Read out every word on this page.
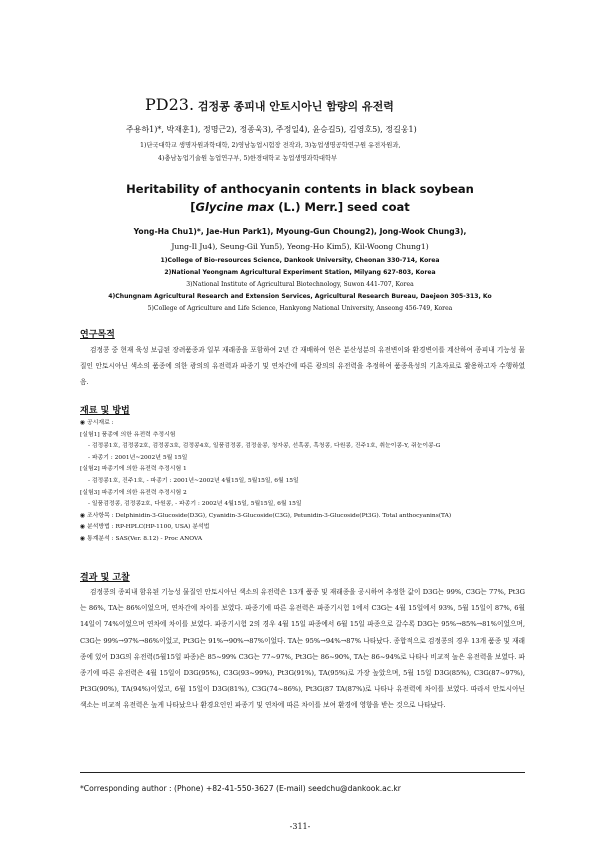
PD23. 검정콩 종피내 안토시아닌 함량의 유전력
주용하1)*, 박재훈1), 정명근2), 정종욱3), 주정일4), 윤승길5), 김영호5), 정길웅1)
1)단국대학교 생명자원과학대학, 2)영남농업시험장 전작과, 3)농업생명공학연구원 유전자원과,
4)충남농업기술원 농업연구부, 5)한경대학교 농업생명과학대학부
Heritability of anthocyanin contents in black soybean
[Glycine max (L.) Merr.] seed coat
Yong-Ha Chu1)*, Jae-Hun Park1), Myoung-Gun Choung2), Jong-Wook Chung3),
Jung-Il Ju4), Seung-Gil Yun5), Yeong-Ho Kim5), Kil-Woong Chung1)
1)College of Bio-resources Science, Dankook University, Cheonan 330-714, Korea
2)National Yeongnam Agricultural Experiment Station, Milyang 627-803, Korea
3)National Institute of Agricultural Biotechnology, Suwon 441-707, Korea
4)Chungnam Agricultural Research and Extension Services, Agricultural Research Bureau, Daejeon 305-313, Ko
5)College of Agriculture and Life Science, Hankyong National University, Anseong 456-749, Korea
연구목적
검정콩 중 현재 육성 보급된 장려품종과 일부 재래종을 포함하여 2년 간 재배하여 얻은 분산성분의 유전변이와 환경변이를 계산하여 종피내 기능성 물질인 안토시아닌 색소의 품종에 의한 광의의 유전력과 파종기 및 연차간에 따른 광의의 유전력을 추정하여 품종육성의 기초자료로 활용하고자 수행하였음.
재료 및 방법
◉ 공시재료 :
[실험1] 품종에 의한 유전력 추정시험
- 검정콩1호, 검정콩2호, 검정콩3호, 검정콩4호, 일품검정콩, 검정올콩, 청자콩, 선흑콩, 흑청콩, 다원콩, 진주1호, 취눈이콩-Y, 쥐눈이콩-G
- 파종기 : 2001년~2002년 5월 15일
[실험2] 파종기에 의한 유전력 추정시험 1
- 검정콩1호, 진주1호, - 파종기 : 2001년~2002년 4월15일, 5월15일, 6월 15일
[실험3] 파종기에 의한 유전력 추정시험 2
- 일품검정콩, 검정콩2호, 다원콩, - 파종기 : 2002년 4월15일, 5월15일, 6월 15일
◉ 조사항목 : Delphinidin-3-Glucoside(D3G), Cyanidin-3-Glucoside(C3G), Petunidin-3-Glucoside(Pt3G). Total anthocyanins(TA)
◉ 분석방법 : RP-HPLC(HP-1100, USA) 분석법
◉ 통계분석 : SAS(Ver. 8.12) - Proc ANOVA
결과 및 고찰
검정콩의 종피내 함유된 기능성 물질인 안토시아닌 색소의 유전력은 13개 품종 및 재래종을 공시하여 추정한 값이 D3G는 99%, C3G는 77%, Pt3G는 86%, TA는 86%이었으며, 연차간에 차이를 보였다. 파종기에 따른 유전력은 파종기시험 1에서 C3G는 4월 15일에서 93%, 5월 15일이 87%, 6월 14일이 74%이었으며 연차에 차이를 보였다. 파종기시험 2의 경우 4월 15일 파종에서 6월 15일 파종으로 갈수록 D3G는 95%→85%→81%이었으며, C3G는 99%→97%→86%이었고, Pt3G는 91%→90%→87%이었다. TA는 95%→94%→87% 나타났다. 종합적으로 검정콩의 경우 13개 품종 및 재래종에 있어 D3G의 유전력(5월15일 파종)은 85~99% C3G는 77~97%, Pt3G는 86~90%, TA는 86~94%로 나타나 비교적 높은 유전력을 보였다. 파종기에 따른 유전력은 4월 15일이 D3G(95%), C3G(93~99%), Pt3G(91%), TA(95%)로 가장 높았으며, 5월 15일 D3G(85%), C3G(87~97%), Pt3G(90%), TA(94%)이었고, 6월 15일이 D3G(81%), C3G(74~86%), Pt3G(87 TA(87%)로 나타나 유전력에 차이를 보였다. 따라서 안토시아닌 색소는 비교적 유전력은 높게 나타났으나 환경요인인 파종기 및 연차에 따른 차이를 보여 환경에 영향을 받는 것으로 나타났다.
*Corresponding author : (Phone) +82-41-550-3627 (E-mail) seedchu@dankook.ac.kr
-311-
